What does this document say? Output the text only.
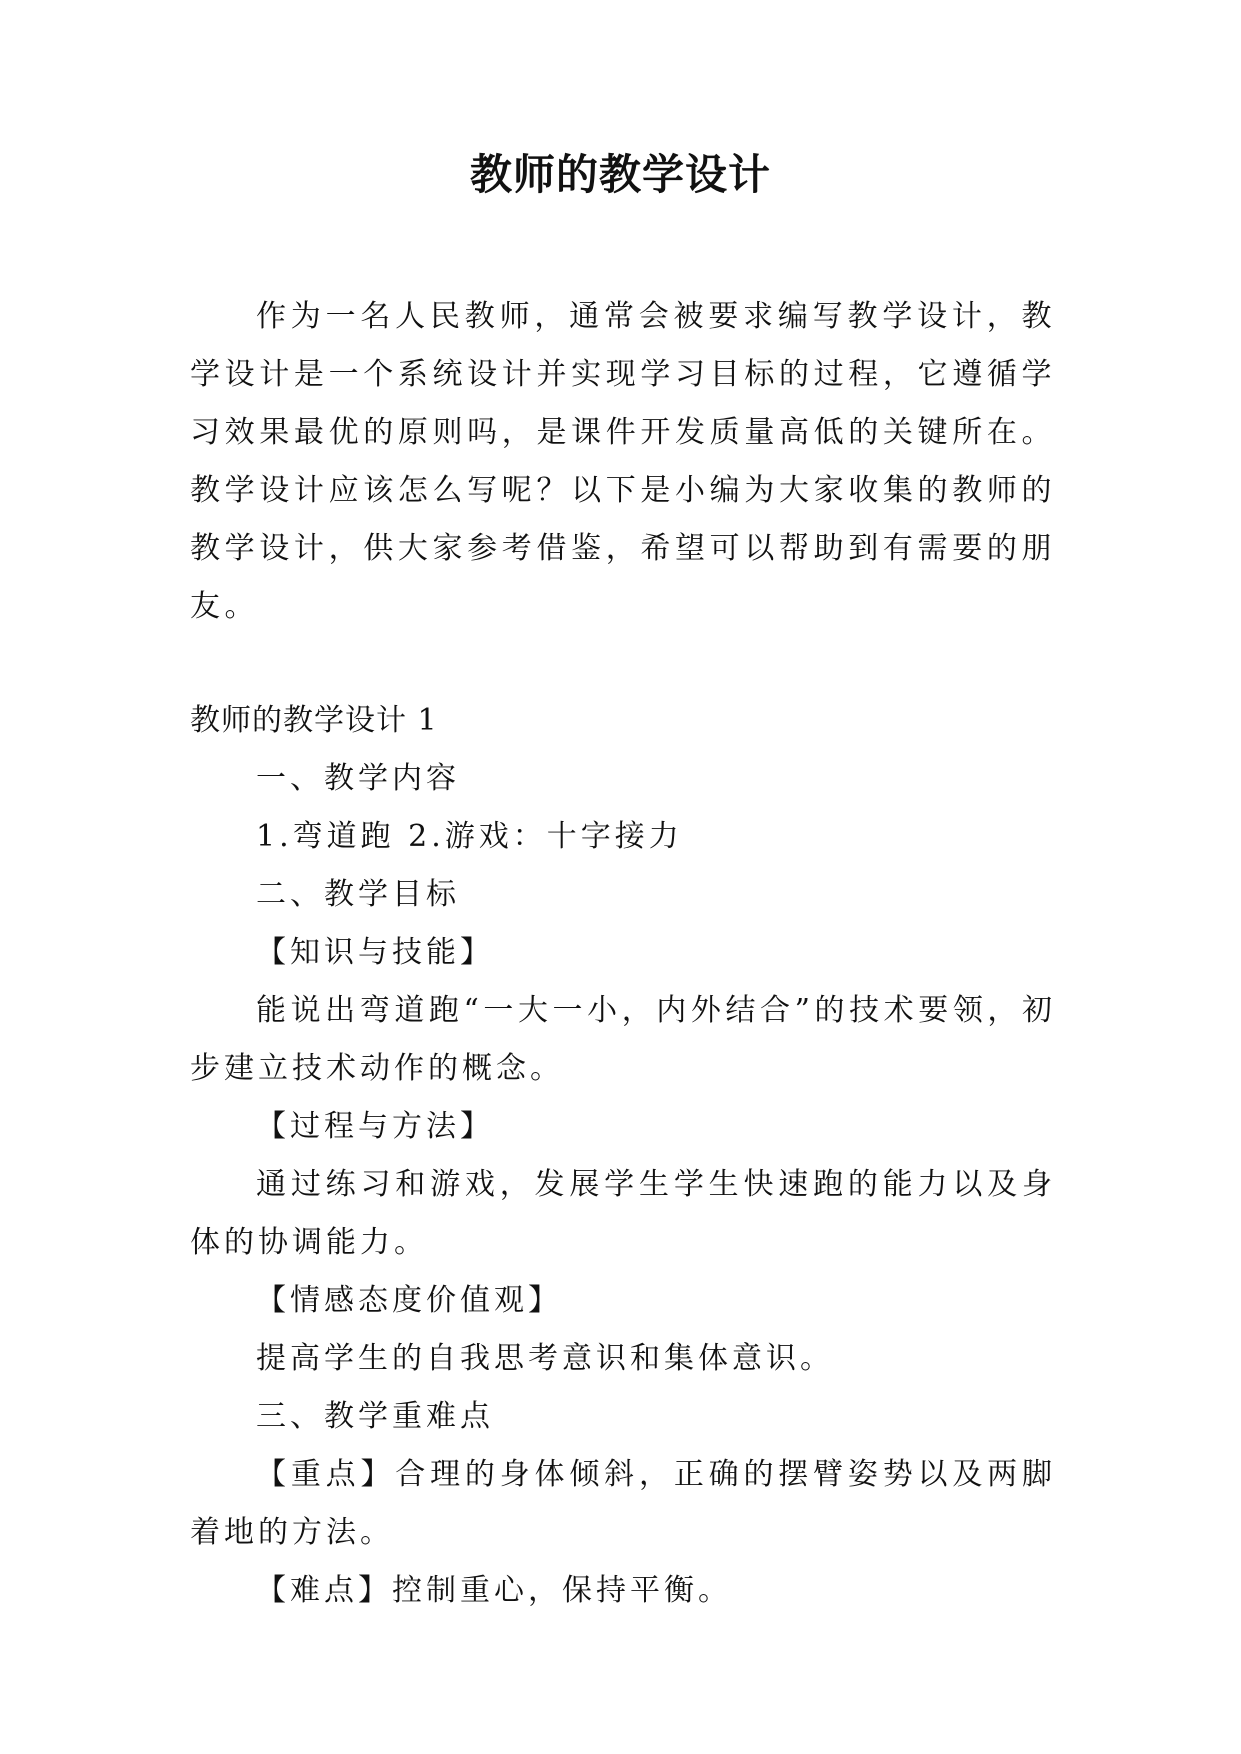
教师的教学设计

作为一名人民教师，通常会被要求编写教学设计，教学设计是一个系统设计并实现学习目标的过程，它遵循学习效果最优的原则吗，是课件开发质量高低的关键所在。教学设计应该怎么写呢？以下是小编为大家收集的教师的教学设计，供大家参考借鉴，希望可以帮助到有需要的朋友。

教师的教学设计 1

一、教学内容

1.弯道跑 2.游戏：十字接力

二、教学目标

【知识与技能】

能说出弯道跑“一大一小，内外结合”的技术要领，初步建立技术动作的概念。

【过程与方法】

通过练习和游戏，发展学生学生快速跑的能力以及身体的协调能力。

【情感态度价值观】

提高学生的自我思考意识和集体意识。

三、教学重难点

【重点】合理的身体倾斜，正确的摆臂姿势以及两脚着地的方法。

【难点】控制重心，保持平衡。
